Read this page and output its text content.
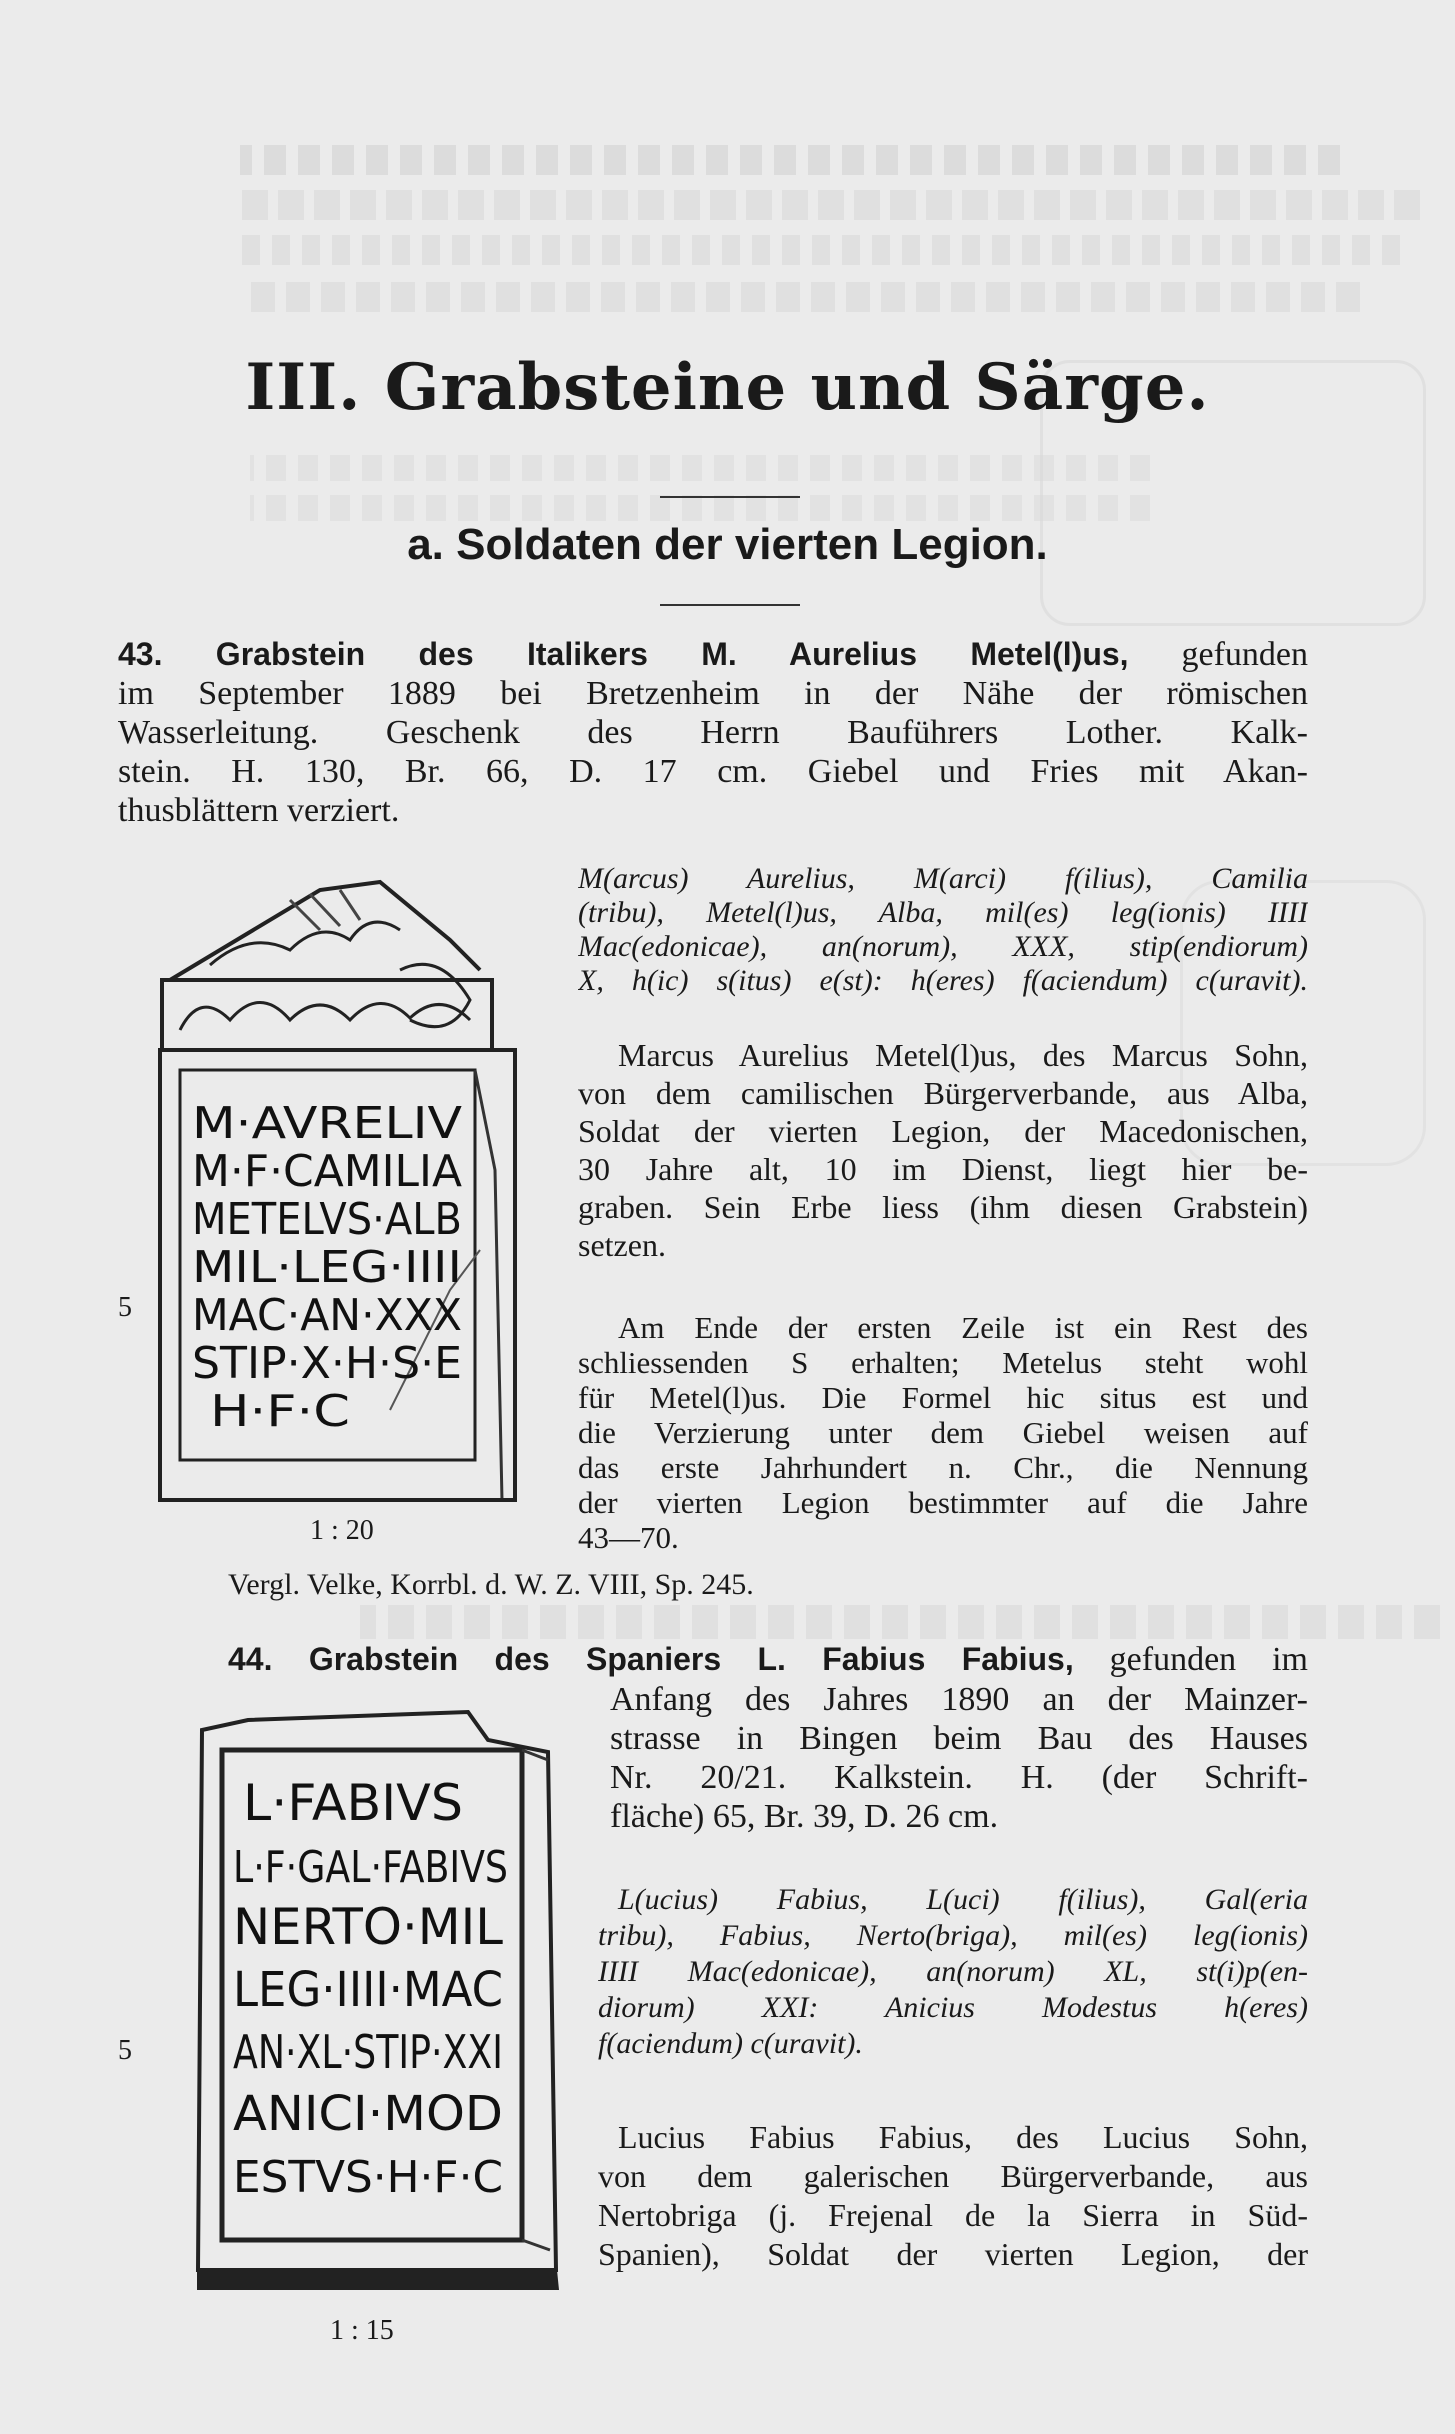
III. Grabsteine und Särge.
a. Soldaten der vierten Legion.
43. Grabstein des Italikers M. Aurelius Metel(l)us, gefunden
im September 1889 bei Bretzenheim in der Nähe der römischen
Wasserleitung. Geschenk des Herrn Bauführers Lother. Kalk-
stein. H. 130, Br. 66, D. 17 cm. Giebel und Fries mit Akan-
thusblättern verziert.
M·AVRELIV
M·F·CAMILIA
METELVS·ALB
MIL·LEG·IIII
MAC·AN·XXX
STIP·X·H·S·E
H·F·C
5
1 : 20
M(arcus) Aurelius, M(arci) f(ilius), Camilia
(tribu), Metel(l)us, Alba, mil(es) leg(ionis) IIII
Mac(edonicae), an(norum), XXX, stip(endiorum)
X, h(ic) s(itus) e(st): h(eres) f(aciendum) c(uravit).
Marcus Aurelius Metel(l)us, des Marcus Sohn,
von dem camilischen Bürgerverbande, aus Alba,
Soldat der vierten Legion, der Macedonischen,
30 Jahre alt, 10 im Dienst, liegt hier be-
graben. Sein Erbe liess (ihm diesen Grabstein)
setzen.
Am Ende der ersten Zeile ist ein Rest des
schliessenden S erhalten; Metelus steht wohl
für Metel(l)us. Die Formel hic situs est und
die Verzierung unter dem Giebel weisen auf
das erste Jahrhundert n. Chr., die Nennung
der vierten Legion bestimmter auf die Jahre
43—70.
Vergl. Velke, Korrbl. d. W. Z. VIII, Sp. 245.
44. Grabstein des Spaniers L. Fabius Fabius, gefunden im
Anfang des Jahres 1890 an der Mainzer-
strasse in Bingen beim Bau des Hauses
Nr. 20/21. Kalkstein. H. (der Schrift-
fläche) 65, Br. 39, D. 26 cm.
L·FABIVS
L·F·GAL·FABIVS
NERTO·MIL
LEG·IIII·MAC
AN·XL·STIP·XXI
ANICI·MOD
ESTVS·H·F·C
5
1 : 15
L(ucius) Fabius, L(uci) f(ilius), Gal(eria
tribu), Fabius, Nerto(briga), mil(es) leg(ionis)
IIII Mac(edonicae), an(norum) XL, st(i)p(en-
diorum) XXI: Anicius Modestus h(eres)
f(aciendum) c(uravit).
Lucius Fabius Fabius, des Lucius Sohn,
von dem galerischen Bürgerverbande, aus
Nertobriga (j. Frejenal de la Sierra in Süd-
Spanien), Soldat der vierten Legion, der
